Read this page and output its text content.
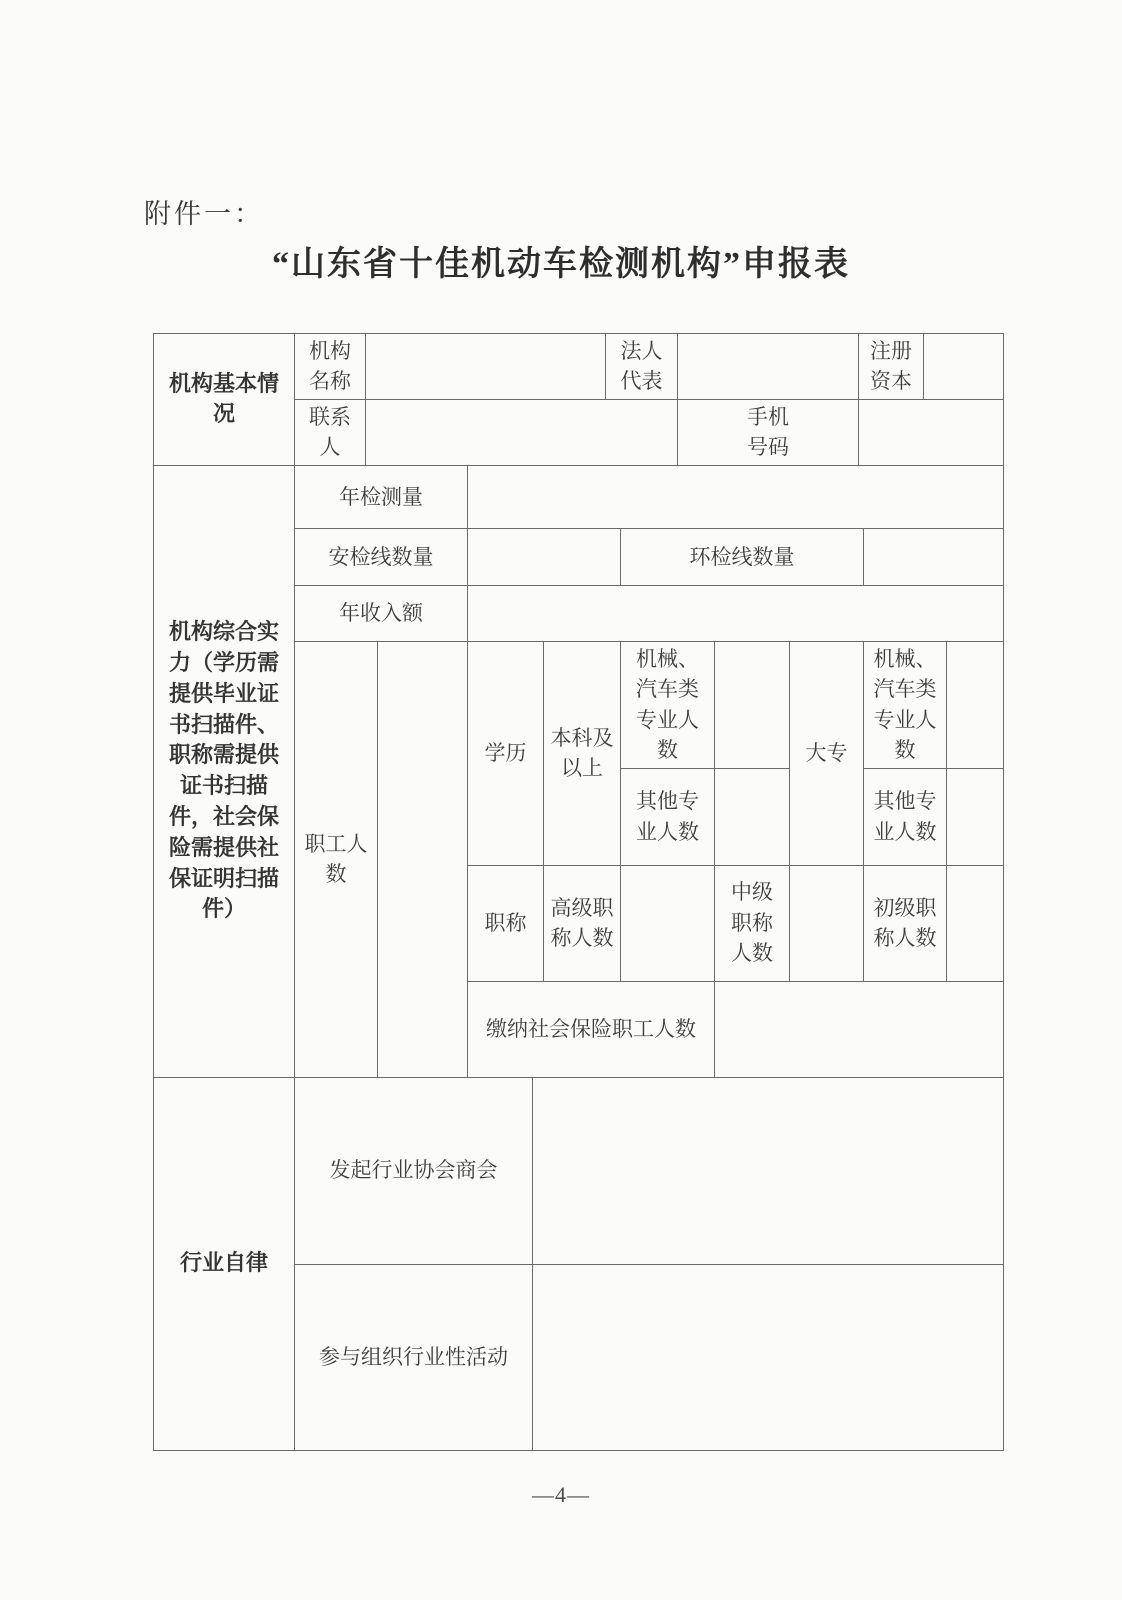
附件一：
“山东省十佳机动车检测机构”申报表
机构基本情况	机构名称		法人代表		注册资本	
	联系人			手机号码		
机构综合实力（学历需提供毕业证书扫描件、职称需提供证书扫描件，社会保险需提供社保证明扫描件）	年检测量								
	安检线数量				环检线数量				
	年收入额								
	职工人数		学历	本科及以上	机械、汽车类专业人数		大专	机械、汽车类专业人数	
					其他专业人数			其他专业人数	
			职称	高级职称人数		中级职称人数		初级职称人数	
			缴纳社会保险职工人数						
行业自律	发起行业协会商会	
	参与组织行业性活动	
—4—
